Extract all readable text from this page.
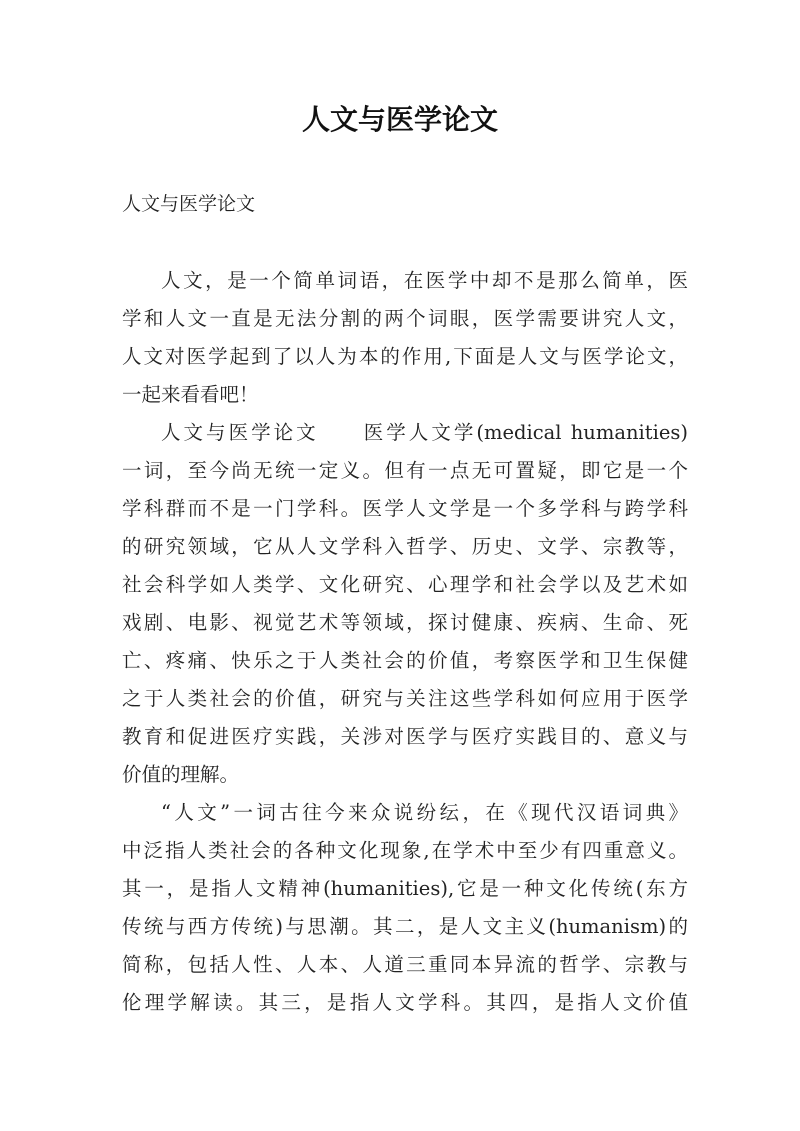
人文与医学论文
人文与医学论文
人文，是一个简单词语，在医学中却不是那么简单，医
学和人文一直是无法分割的两个词眼，医学需要讲究人文，
人文对医学起到了以人为本的作用,下面是人文与医学论文，
一起来看看吧！
人文与医学论文　　医学人文学(medical humanities)
一词，至今尚无统一定义。但有一点无可置疑，即它是一个
学科群而不是一门学科。医学人文学是一个多学科与跨学科
的研究领域，它从人文学科入哲学、历史、文学、宗教等，
社会科学如人类学、文化研究、心理学和社会学以及艺术如
戏剧、电影、视觉艺术等领域，探讨健康、疾病、生命、死
亡、疼痛、快乐之于人类社会的价值，考察医学和卫生保健
之于人类社会的价值，研究与关注这些学科如何应用于医学
教育和促进医疗实践，关涉对医学与医疗实践目的、意义与
价值的理解。
“人文”一词古往今来众说纷纭，在《现代汉语词典》
中泛指人类社会的各种文化现象,在学术中至少有四重意义。
其一，是指人文精神(humanities),它是一种文化传统(东方
传统与西方传统)与思潮。其二，是人文主义(humanism)的
简称，包括人性、人本、人道三重同本异流的哲学、宗教与
伦理学解读。其三，是指人文学科。其四，是指人文价值
